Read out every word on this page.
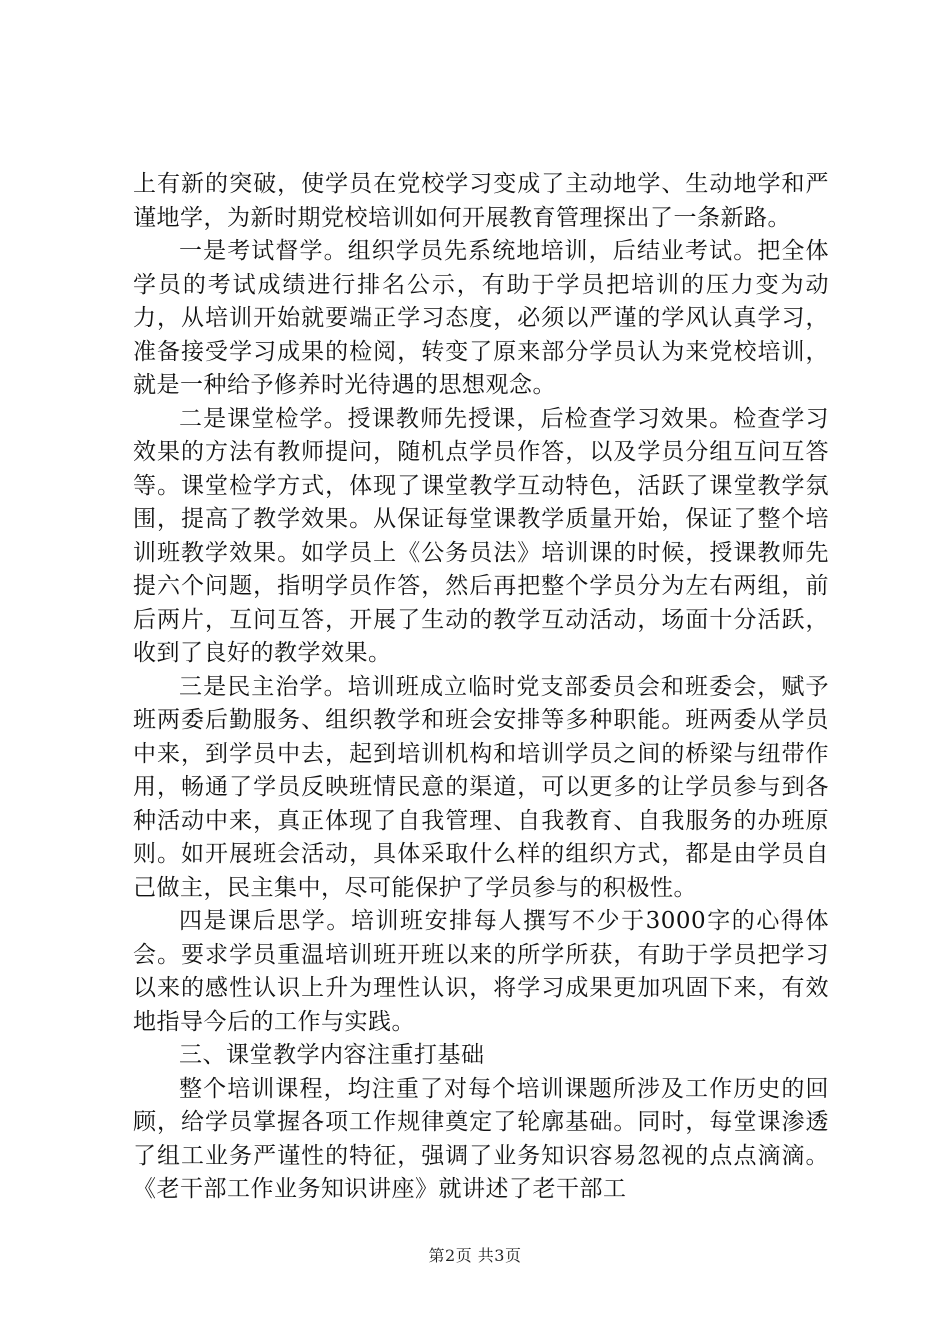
上有新的突破，使学员在党校学习变成了主动地学、生动地学和严谨地学，为新时期党校培训如何开展教育管理探出了一条新路。

一是考试督学。组织学员先系统地培训，后结业考试。把全体学员的考试成绩进行排名公示，有助于学员把培训的压力变为动力，从培训开始就要端正学习态度，必须以严谨的学风认真学习，准备接受学习成果的检阅，转变了原来部分学员认为来党校培训，就是一种给予修养时光待遇的思想观念。

二是课堂检学。授课教师先授课，后检查学习效果。检查学习效果的方法有教师提问，随机点学员作答，以及学员分组互问互答等。课堂检学方式，体现了课堂教学互动特色，活跃了课堂教学氛围，提高了教学效果。从保证每堂课教学质量开始，保证了整个培训班教学效果。如学员上《公务员法》培训课的时候，授课教师先提六个问题，指明学员作答，然后再把整个学员分为左右两组，前后两片，互问互答，开展了生动的教学互动活动，场面十分活跃，收到了良好的教学效果。

三是民主治学。培训班成立临时党支部委员会和班委会，赋予班两委后勤服务、组织教学和班会安排等多种职能。班两委从学员中来，到学员中去，起到培训机构和培训学员之间的桥梁与纽带作用，畅通了学员反映班情民意的渠道，可以更多的让学员参与到各种活动中来，真正体现了自我管理、自我教育、自我服务的办班原则。如开展班会活动，具体采取什么样的组织方式，都是由学员自己做主，民主集中，尽可能保护了学员参与的积极性。

四是课后思学。培训班安排每人撰写不少于3000字的心得体会。要求学员重温培训班开班以来的所学所获，有助于学员把学习以来的感性认识上升为理性认识，将学习成果更加巩固下来，有效地指导今后的工作与实践。

三、课堂教学内容注重打基础

整个培训课程，均注重了对每个培训课题所涉及工作历史的回顾，给学员掌握各项工作规律奠定了轮廓基础。同时，每堂课渗透了组工业务严谨性的特征，强调了业务知识容易忽视的点点滴滴。《老干部工作业务知识讲座》就讲述了老干部工

第2页 共3页
